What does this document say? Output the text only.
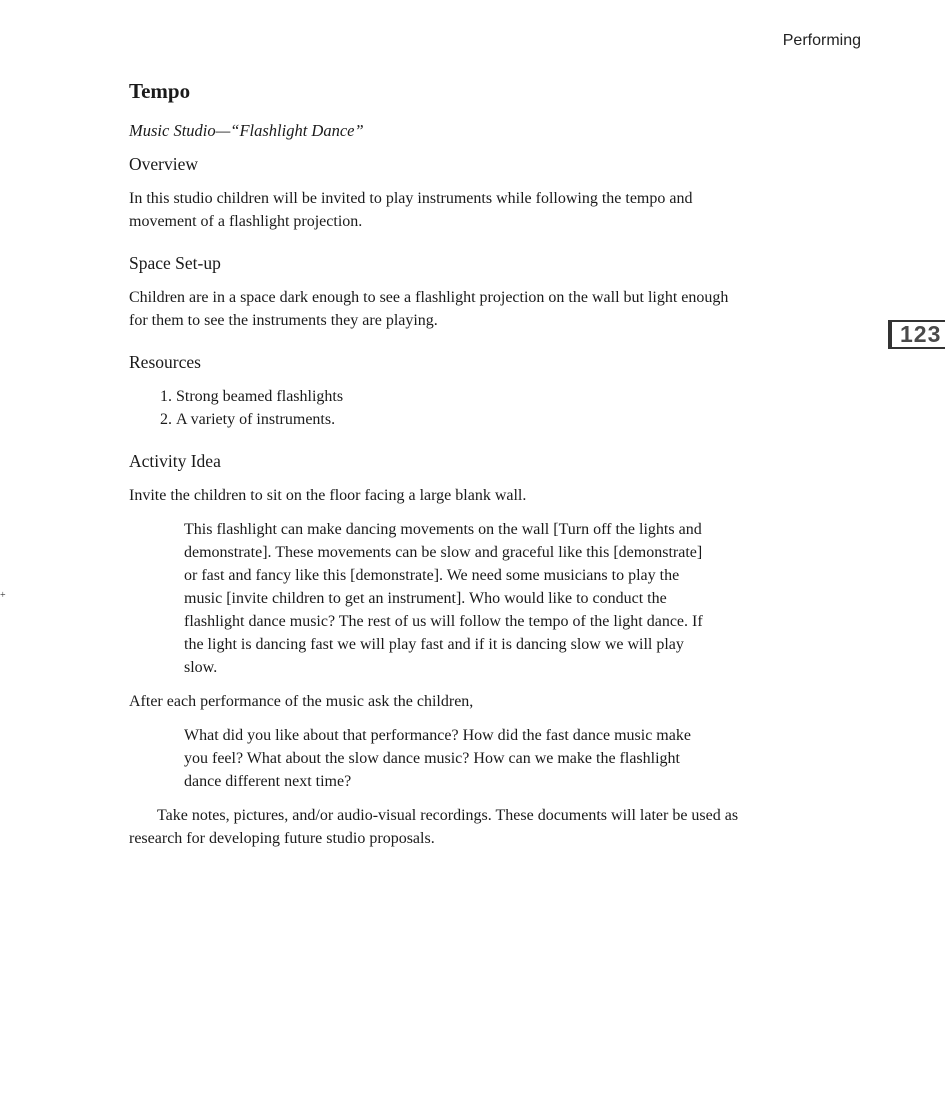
Performing
123
+
Tempo
Music Studio—“Flashlight Dance”
Overview

In this studio children will be invited to play instruments while following the tempo and movement of a flashlight projection.

Space Set-up

Children are in a space dark enough to see a flashlight projection on the wall but light enough for them to see the instruments they are playing.

Resources
1. Strong beamed flashlights
2. A variety of instruments.
Activity Idea

Invite the children to sit on the floor facing a large blank wall.

This flashlight can make dancing movements on the wall [Turn off the lights and demonstrate]. These movements can be slow and graceful like this [demonstrate] or fast and fancy like this [demonstrate]. We need some musicians to play the music [invite children to get an instrument]. Who would like to conduct the flashlight dance music? The rest of us will follow the tempo of the light dance. If the light is dancing fast we will play fast and if it is dancing slow we will play slow.

After each performance of the music ask the children,

What did you like about that performance? How did the fast dance music make you feel? What about the slow dance music? How can we make the flashlight dance different next time?

Take notes, pictures, and/or audio-visual recordings. These documents will later be used as research for developing future studio proposals.
